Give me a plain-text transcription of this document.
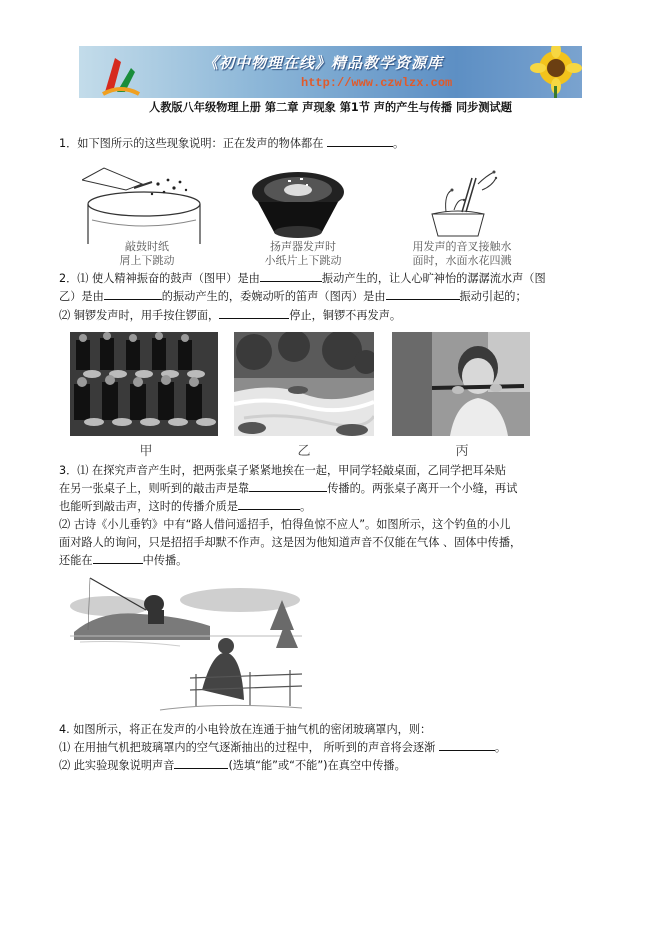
《初中物理在线》精品教学资源库
http://www.czwlzx.com
人教版八年级物理上册 第二章 声现象 第1节 声的产生与传播 同步测试题
1．如下图所示的这些现象说明：正在发声的物体都在	。
敲鼓时纸
屑上下跳动
扬声器发声时
小纸片上下跳动
用发声的音叉接触水
面时，水面水花四溅
2．⑴ 使人精神振奋的鼓声（图甲）是由	振动产生的，让人心旷神怡的潺潺流水声（图
乙）是由	的振动产生的，委婉动听的笛声（图丙）是由	振动引起的；
⑵ 铜锣发声时，用手按住锣面，	停止，铜锣不再发声。
甲	乙	丙
3．⑴ 在探究声音产生时，把两张桌子紧紧地挨在一起，甲同学轻敲桌面，乙同学把耳朵贴
在另一张桌子上，则听到的敲击声是靠	传播的。两张桌子离开一个小缝，再试
也能听到敲击声，这时的传播介质是	。
⑵ 古诗《小儿垂钓》中有“路人借问遥招手，怕得鱼惊不应人”。如图所示，这个钓鱼的小儿
面对路人的询问，只是招招手却默不作声。这是因为他知道声音不仅能在气体 、固体中传播，
还能在	中传播。
4. 如图所示，将正在发声的小电铃放在连通于抽气机的密闭玻璃罩内，则：
⑴ 在用抽气机把玻璃罩内的空气逐渐抽出的过程中， 所听到的声音将会逐渐	。
⑵ 此实验现象说明声音	(选填“能”或“不能”)在真空中传播。
